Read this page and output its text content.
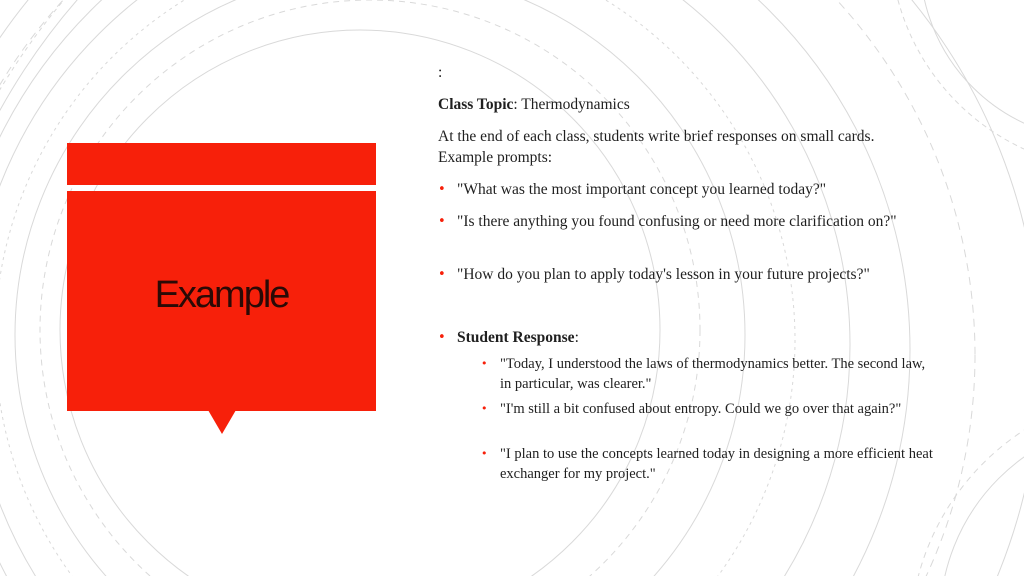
Example
:
Class Topic: Thermodynamics
At the end of each class, students write brief responses on small cards. Example prompts:
• "What was the most important concept you learned today?"
• "Is there anything you found confusing or need more clarification on?"
• "How do you plan to apply today's lesson in your future projects?"
• Student Response:
• "Today, I understood the laws of thermodynamics better. The second law, in particular, was clearer."
• "I'm still a bit confused about entropy. Could we go over that again?"
• "I plan to use the concepts learned today in designing a more efficient heat exchanger for my project."
